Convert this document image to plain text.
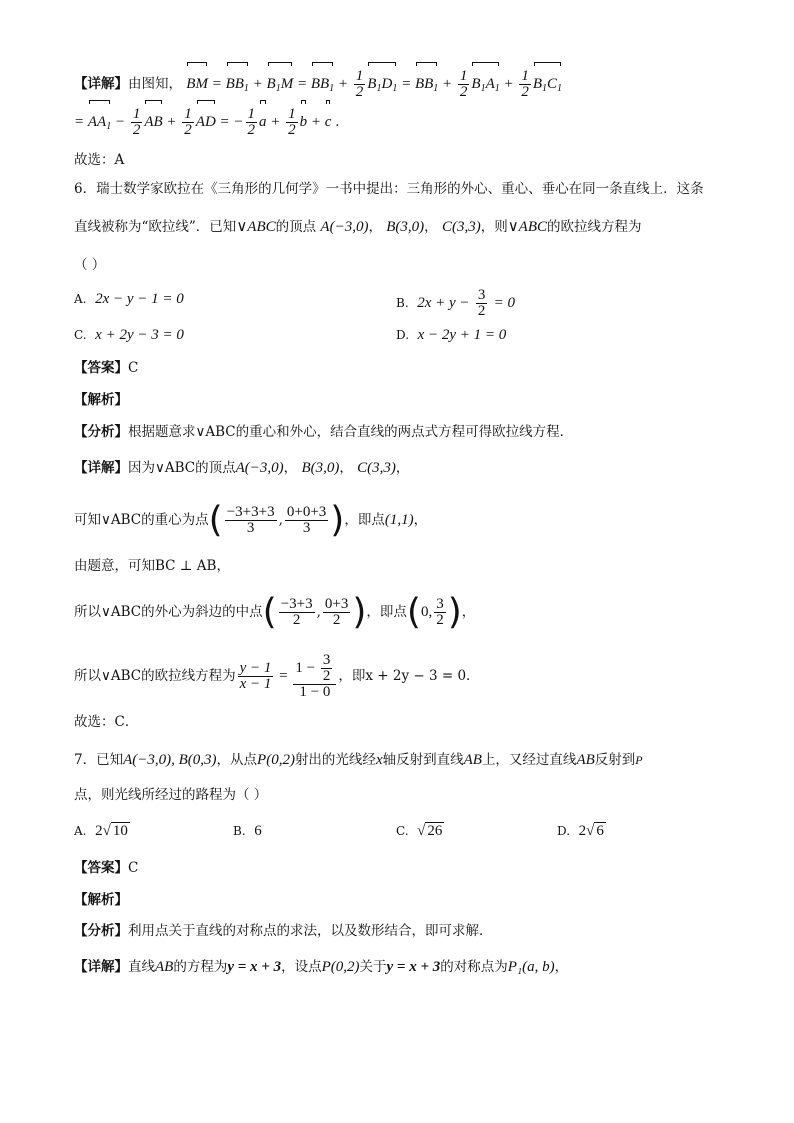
【详解】由图知， BM = $BB_1 + B_1M = BB_1 + \frac{1}{2} B_1D_1 = BB_1 + \frac{1}{2} B_1A_1 + \frac{1}{2} B_1C_1$
= $AA_1 - \frac{1}{2}$ AB + $\frac{1}{2}$ AD = − $\frac{1}{2}$ $a + \frac{1}{2}$ b + c ．
故选：A
6．瑞士数学家欧拉在《三角形的几何学》一书中提出：三角形的外心、重心、垂心在同一条直线上．这条
直线被称为“欧拉线”．已知∨ABC的顶点 A(−3,0)， B(3,0)， C(3,3)，则∨ABC的欧拉线方程为
（ ）
A. 2x − y − 1 = 0	B. $2x + y - \frac{3}{2} = 0$
C. x + 2y − 3 = 0	D. x − 2y + 1 = 0
【答案】C
【解析】
【分析】根据题意求∨ABC的重心和外心，结合直线的两点式方程可得欧拉线方程．
【详解】因为∨ABC的顶点A(−3,0)， B(3,0)， C(3,3)，
可知∨ABC的重心为点( $\frac{-3+3+3}{3}$ , $\frac{0+0+3}{3}$ )，即点(1,1)，
由题意，可知BC ⊥ AB，
所以∨ABC的外心为斜边的中点( $\frac{-3+3}{2}$ , $\frac{0+3}{2}$ )，即点(0, $\frac{3}{2}$ )，
所以∨ABC的欧拉线方程为 $\frac{y - 1}{x - 1} = \frac{1 - \frac{3}{2}}{1 - 0}$ ，即x + 2y − 3 = 0．
故选：C．
7．已知A(−3,0), B(0,3)，从点P(0,2)射出的光线经x轴反射到直线AB上，又经过直线AB反射到P
点，则光线所经过的路程为（ ）
A. 2√ 10	B. 6	C. √ 26	D. 2√ 6
【答案】C
【解析】
【分析】利用点关于直线的对称点的求法，以及数形结合，即可求解．
【详解】直线AB的方程为y = x + 3，设点P(0,2)关于y = x + 3的对称点为P₁(a, b)，
